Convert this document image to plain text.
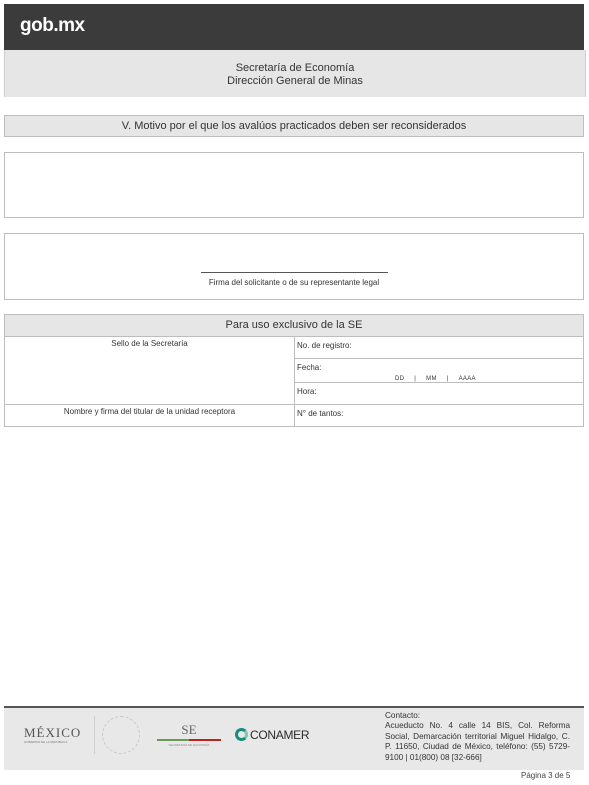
gob.mx
Secretaría de Economía
Dirección General de Minas
V. Motivo por el que los avalúos practicados deben ser reconsiderados
Firma del solicitante o de su representante legal
Para uso exclusivo de la SE	
Sello de la Secretaría	No. de registro:

	Fecha:
DD | MM | AAAA

	Hora:
Nombre y firma del titular de la unidad receptora	N° de tantos:
MÉXICO
GOBIERNO DE LA REPÚBLICA
SE
SECRETARÍA DE ECONOMÍA
CONAMER
Contacto:
Acueducto No. 4 calle 14 BIS, Col. Reforma Social, Demarcación territorial Miguel Hidalgo, C. P. 11650, Ciudad de México, teléfono: (55) 5729-9100 | 01(800) 08 [32-666]
Página 3 de 5
